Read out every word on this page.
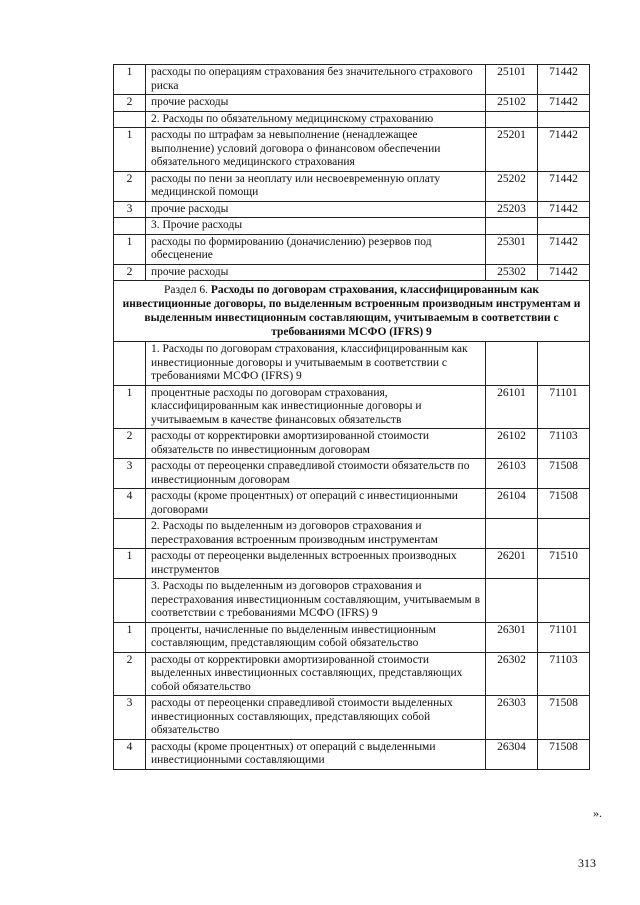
1	расходы по операциям страхования без значительного страхового риска	25101	71442
2	прочие расходы	25102	71442
	2. Расходы по обязательному медицинскому страхованию		
1	расходы по штрафам за невыполнение (ненадлежащее выполнение) условий договора о финансовом обеспечении обязательного медицинского страхования	25201	71442
2	расходы по пени за неоплату или несвоевременную оплату медицинской помощи	25202	71442
3	прочие расходы	25203	71442
	3. Прочие расходы		
1	расходы по формированию (доначислению) резервов под обесценение	25301	71442
2	прочие расходы	25302	71442
Раздел 6. Расходы по договорам страхования, классифицированным как инвестиционные договоры, по выделенным встроенным производным инструментам и выделенным инвестиционным составляющим, учитываемым в соответствии с требованиями МСФО (IFRS) 9			
	1. Расходы по договорам страхования, классифицированным как инвестиционные договоры и учитываемым в соответствии с требованиями МСФО (IFRS) 9		
1	процентные расходы по договорам страхования, классифицированным как инвестиционные договоры и учитываемым в качестве финансовых обязательств	26101	71101
2	расходы от корректировки амортизированной стоимости обязательств по инвестиционным договорам	26102	71103
3	расходы от переоценки справедливой стоимости обязательств по инвестиционным договорам	26103	71508
4	расходы (кроме процентных) от операций с инвестиционными договорами	26104	71508
	2. Расходы по выделенным из договоров страхования и перестрахования встроенным производным инструментам		
1	расходы от переоценки выделенных встроенных производных инструментов	26201	71510
	3. Расходы по выделенным из договоров страхования и перестрахования инвестиционным составляющим, учитываемым в соответствии с требованиями МСФО (IFRS) 9		
1	проценты, начисленные по выделенным инвестиционным составляющим, представляющим собой обязательство	26301	71101
2	расходы от корректировки амортизированной стоимости выделенных инвестиционных составляющих, представляющих собой обязательство	26302	71103
3	расходы от переоценки справедливой стоимости выделенных инвестиционных составляющих, представляющих собой обязательство	26303	71508
4	расходы (кроме процентных) от операций с выделенными инвестиционными составляющими	26304	71508
».
313
